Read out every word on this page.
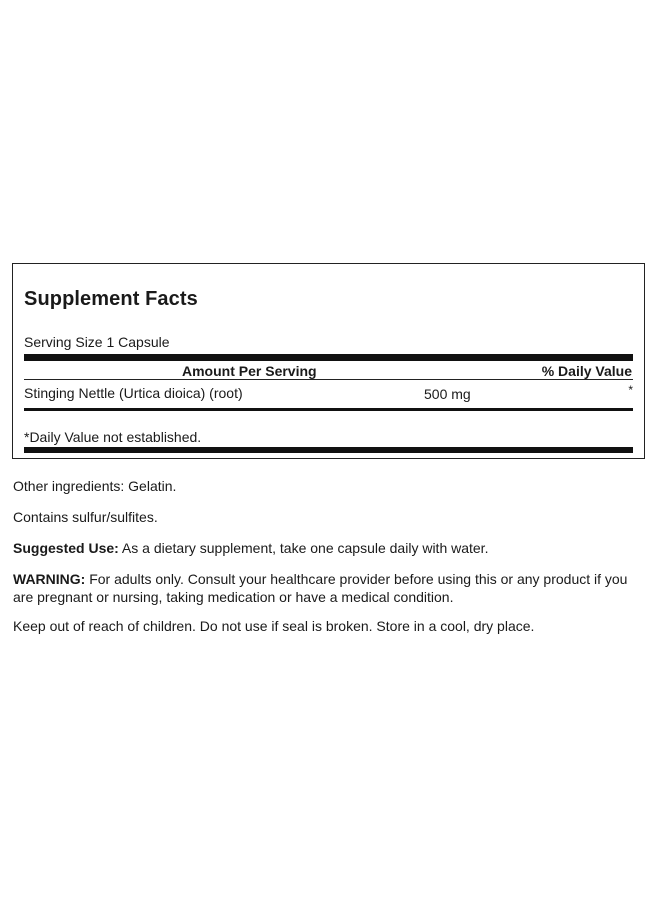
Supplement Facts
Serving Size 1 Capsule
Amount Per Serving	% Daily Value
Stinging Nettle (Urtica dioica) (root)	500 mg	*
*Daily Value not established.

Other ingredients: Gelatin.

Contains sulfur/sulfites.

Suggested Use: As a dietary supplement, take one capsule daily with water.

WARNING: For adults only. Consult your healthcare provider before using this or any product if you are pregnant or nursing, taking medication or have a medical condition.

Keep out of reach of children. Do not use if seal is broken. Store in a cool, dry place.
